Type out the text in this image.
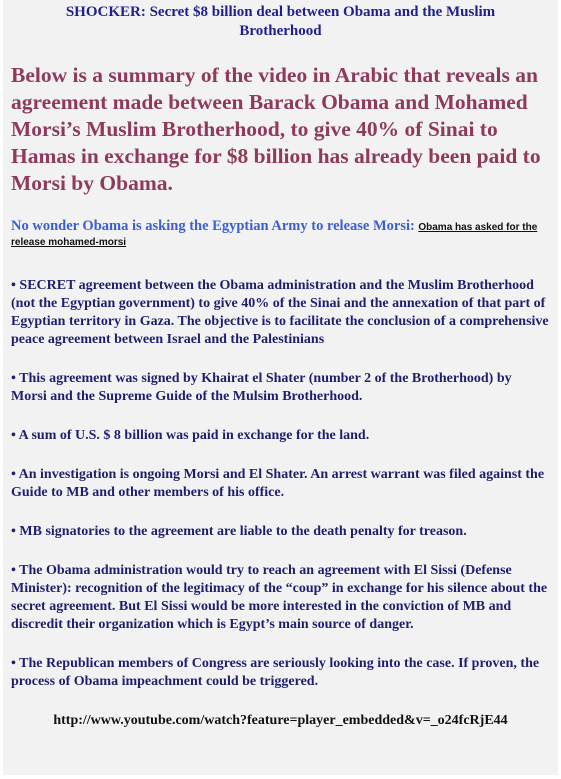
SHOCKER: Secret $8 billion deal between Obama and the Muslim
Brotherhood

Below is a summary of the video in Arabic that reveals an agreement made between Barack Obama and Mohamed Morsi’s Muslim Brotherhood, to give 40% of Sinai to Hamas in exchange for $8 billion has already been paid to Morsi by Obama.

No wonder Obama is asking the Egyptian Army to release Morsi: Obama has asked for the release mohamed-morsi

• SECRET agreement between the Obama administration and the Muslim Brotherhood (not the Egyptian government) to give 40% of the Sinai and the annexation of that part of Egyptian territory in Gaza. The objective is to facilitate the conclusion of a comprehensive peace agreement between Israel and the Palestinians
• This agreement was signed by Khairat el Shater (number 2 of the Brotherhood) by Morsi and the Supreme Guide of the Mulsim Brotherhood.
• A sum of U.S. $ 8 billion was paid in exchange for the land.
• An investigation is ongoing Morsi and El Shater. An arrest warrant was filed against the Guide to MB and other members of his office.
• MB signatories to the agreement are liable to the death penalty for treason.
• The Obama administration would try to reach an agreement with El Sissi (Defense Minister): recognition of the legitimacy of the “coup” in exchange for his silence about the secret agreement. But El Sissi would be more interested in the conviction of MB and discredit their organization which is Egypt’s main source of danger.
• The Republican members of Congress are seriously looking into the case. If proven, the process of Obama impeachment could be triggered.
http://www.youtube.com/watch?feature=player_embedded&v=_o24fcRjE44
